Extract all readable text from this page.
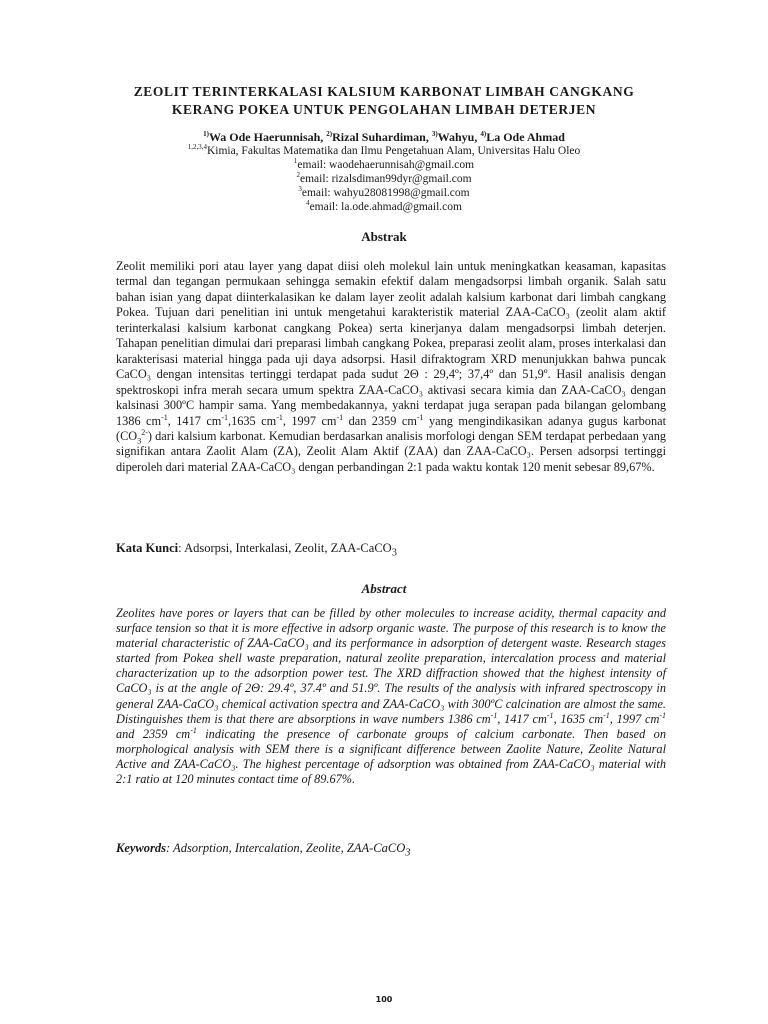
ZEOLIT TERINTERKALASI KALSIUM KARBONAT LIMBAH CANGKANG
KERANG POKEA UNTUK PENGOLAHAN LIMBAH DETERJEN
$^{1)}$Wa Ode Haerunnisah, $^{2)}$Rizal Suhardiman, $^{3)}$Wahyu, $^{4)}$La Ode Ahmad
$^{1,2,3,4}$Kimia, Fakultas Matematika dan Ilmu Pengetahuan Alam, Universitas Halu Oleo
$^1$email: waodehaerunnisah@gmail.com
$^2$email: rizalsdiman99dyr@gmail.com
$^3$email: wahyu28081998@gmail.com
$^4$email: la.ode.ahmad@gmail.com
Abstrak

Zeolit memiliki pori atau layer yang dapat diisi oleh molekul lain untuk meningkatkan keasaman, kapasitas termal dan tegangan permukaan sehingga semakin efektif dalam mengadsorpsi limbah organik. Salah satu bahan isian yang dapat diinterkalasikan ke dalam layer zeolit adalah kalsium karbonat dari limbah cangkang Pokea. Tujuan dari penelitian ini untuk mengetahui karakteristik material ZAA-CaCO₃ (zeolit alam aktif terinterkalasi kalsium karbonat cangkang Pokea) serta kinerjanya dalam mengadsorpsi limbah deterjen. Tahapan penelitian dimulai dari preparasi limbah cangkang Pokea, preparasi zeolit alam, proses interkalasi dan karakterisasi material hingga pada uji daya adsorpsi. Hasil difraktogram XRD menunjukkan bahwa puncak CaCO₃ dengan intensitas tertinggi terdapat pada sudut 2Θ : 29,4º; 37,4º dan 51,9º. Hasil analisis dengan spektroskopi infra merah secara umum spektra ZAA-CaCO₃ aktivasi secara kimia dan ZAA-CaCO₃ dengan kalsinasi 300ºC hampir sama. Yang membedakannya, yakni terdapat juga serapan pada bilangan gelombang 1386 $cm^{-1}$, 1417 $cm^{-1},1635$ $cm^{-1}$, 1997 $cm^{-1}$ dan 2359 $cm^{-1}$ yang mengindikasikan adanya gugus karbonat $(CO_3^{2-})$ dari kalsium karbonat. Kemudian berdasarkan analisis morfologi dengan SEM terdapat perbedaan yang signifikan antara Zaolit Alam (ZA), Zeolit Alam Aktif (ZAA) dan ZAA-CaCO₃. Persen adsorpsi tertinggi diperoleh dari material ZAA-CaCO₃ dengan perbandingan 2:1 pada waktu kontak 120 menit sebesar 89,67%.

Kata Kunci: Adsorpsi, Interkalasi, Zeolit, ZAA-CaCO$_3$

Abstract

Zeolites have pores or layers that can be filled by other molecules to increase acidity, thermal capacity and surface tension so that it is more effective in adsorp organic waste. The purpose of this research is to know the material characteristic of ZAA-CaCO₃ and its performance in adsorption of detergent waste. Research stages started from Pokea shell waste preparation, natural zeolite preparation, intercalation process and material characterization up to the adsorption power test. The XRD diffraction showed that the highest intensity of CaCO₃ is at the angle of 2Θ: 29.4º, 37.4º and 51.9º. The results of the analysis with infrared spectroscopy in general ZAA-CaCO₃ chemical activation spectra and ZAA-CaCO₃ with 300ºC calcination are almost the same. Distinguishes them is that there are absorptions in wave numbers 1386 $cm^{-1}$, 1417 $cm^{-1}$, 1635 $cm^{-1}$, 1997 $cm^{-1}$ and 2359 $cm^{-1}$ indicating the presence of carbonate groups of calcium carbonate. Then based on morphological analysis with SEM there is a significant difference between Zaolite Nature, Zeolite Natural Active and ZAA-CaCO₃. The highest percentage of adsorption was obtained from ZAA-CaCO₃ material with 2:1 ratio at 120 minutes contact time of 89.67%.

Keywords: Adsorption, Intercalation, Zeolite, ZAA-CaCO$_3$

100
